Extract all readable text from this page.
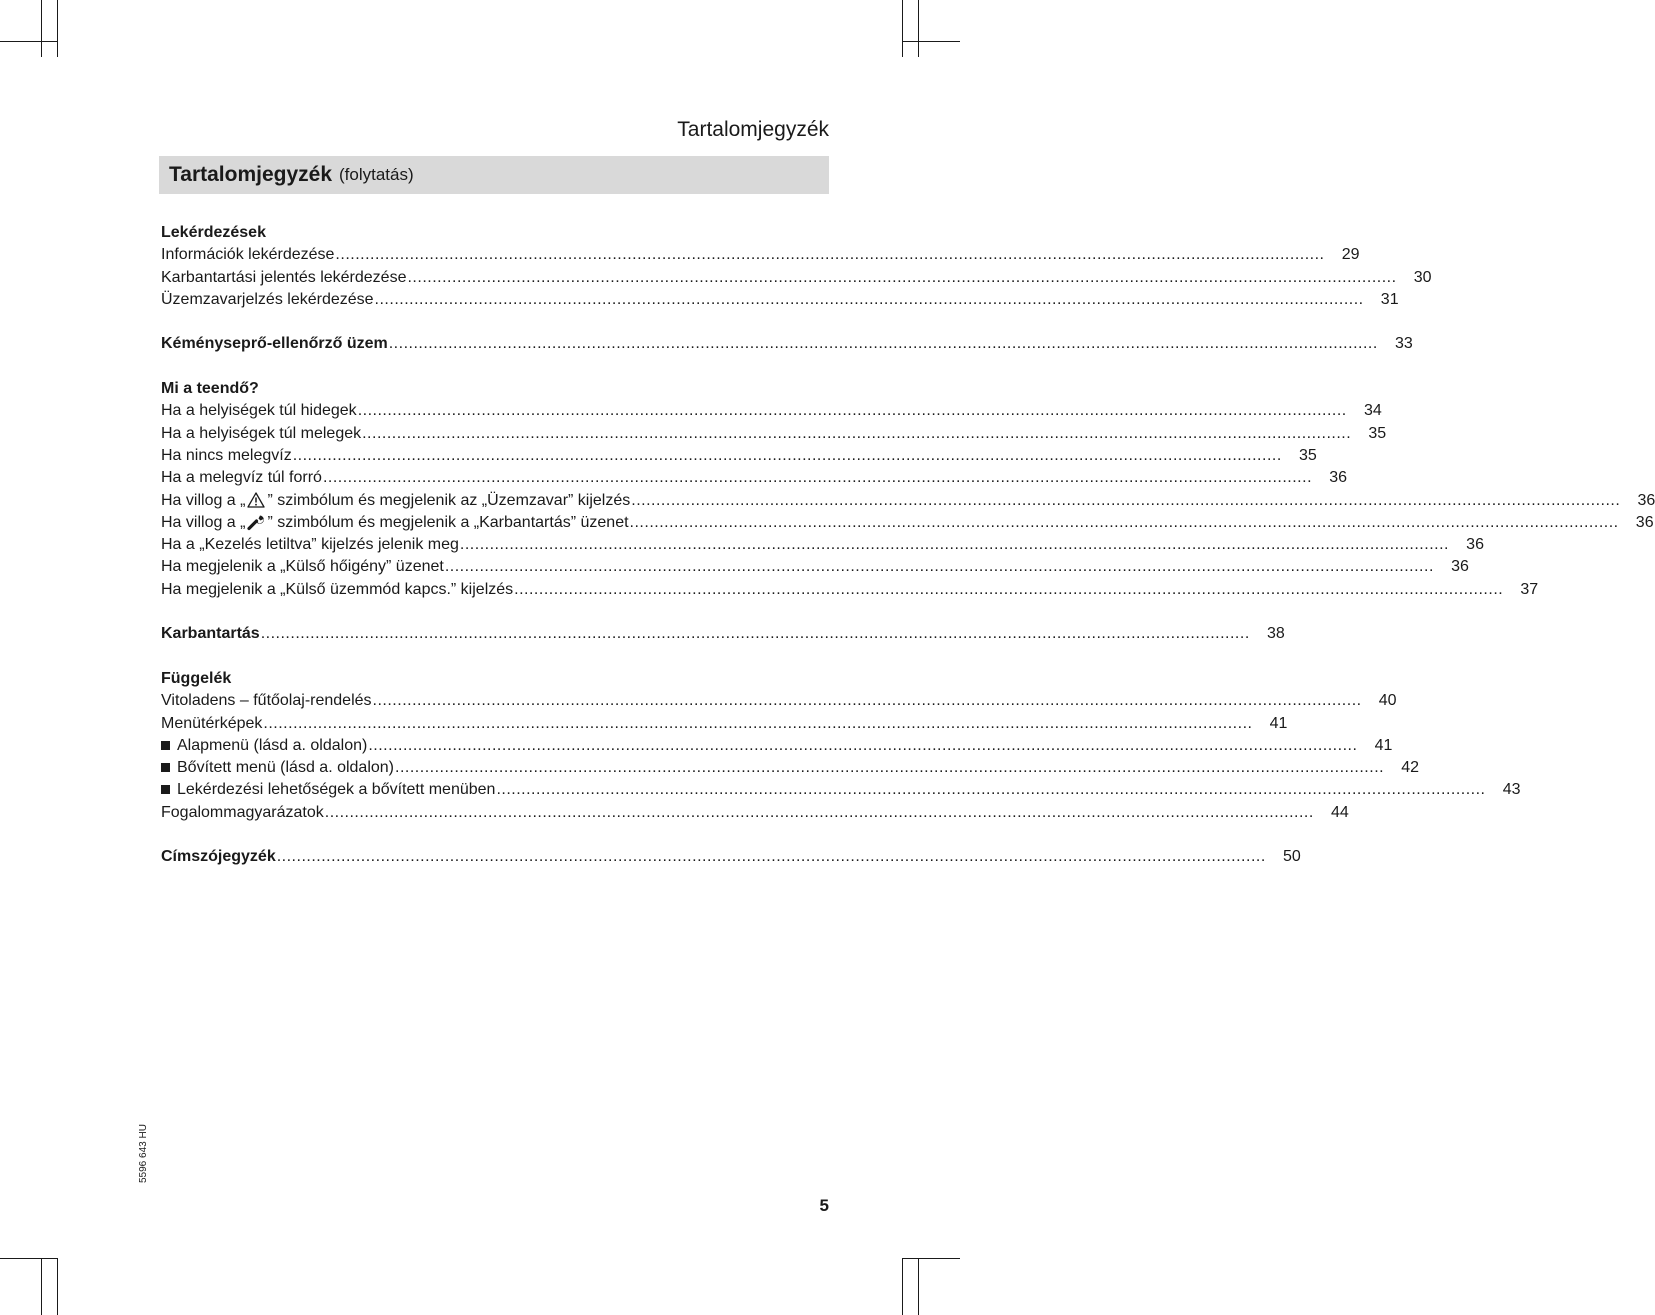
Tartalomjegyzék
Tartalomjegyzék (folytatás)
Lekérdezések
Információk lekérdezése ........................................................................................................................................................................................................ 29
Karbantartási jelentés lekérdezése ........................................................................................................................................................................................................ 30
Üzemzavarjelzés lekérdezése ........................................................................................................................................................................................................ 31
Kéményseprő-ellenőrző üzem ........................................................................................................................................................................................................ 33
Mi a teendő?
Ha a helyiségek túl hidegek ........................................................................................................................................................................................................ 34
Ha a helyiségek túl melegek ........................................................................................................................................................................................................ 35
Ha nincs melegvíz ........................................................................................................................................................................................................ 35
Ha a melegvíz túl forró ........................................................................................................................................................................................................ 36
Ha villog a „ ” szimbólum és megjelenik az „Üzemzavar” kijelzés ........................................................................................................................................................................................................ 36
Ha villog a „ ” szimbólum és megjelenik a „Karbantartás” üzenet ........................................................................................................................................................................................................ 36
Ha a „Kezelés letiltva” kijelzés jelenik meg ........................................................................................................................................................................................................ 36
Ha megjelenik a „Külső hőigény” üzenet ........................................................................................................................................................................................................ 36
Ha megjelenik a „Külső üzemmód kapcs.” kijelzés ........................................................................................................................................................................................................ 37
Karbantartás ........................................................................................................................................................................................................ 38
Függelék
Vitoladens – fűtőolaj-rendelés ........................................................................................................................................................................................................ 40
Menütérképek ........................................................................................................................................................................................................ 41
Alapmenü (lásd a. oldalon) ........................................................................................................................................................................................................ 41
Bővített menü (lásd a. oldalon) ........................................................................................................................................................................................................ 42
Lekérdezési lehetőségek a bővített menüben ........................................................................................................................................................................................................ 43
Fogalommagyarázatok ........................................................................................................................................................................................................ 44
Címszójegyzék ........................................................................................................................................................................................................ 50
5596 643 HU
5
